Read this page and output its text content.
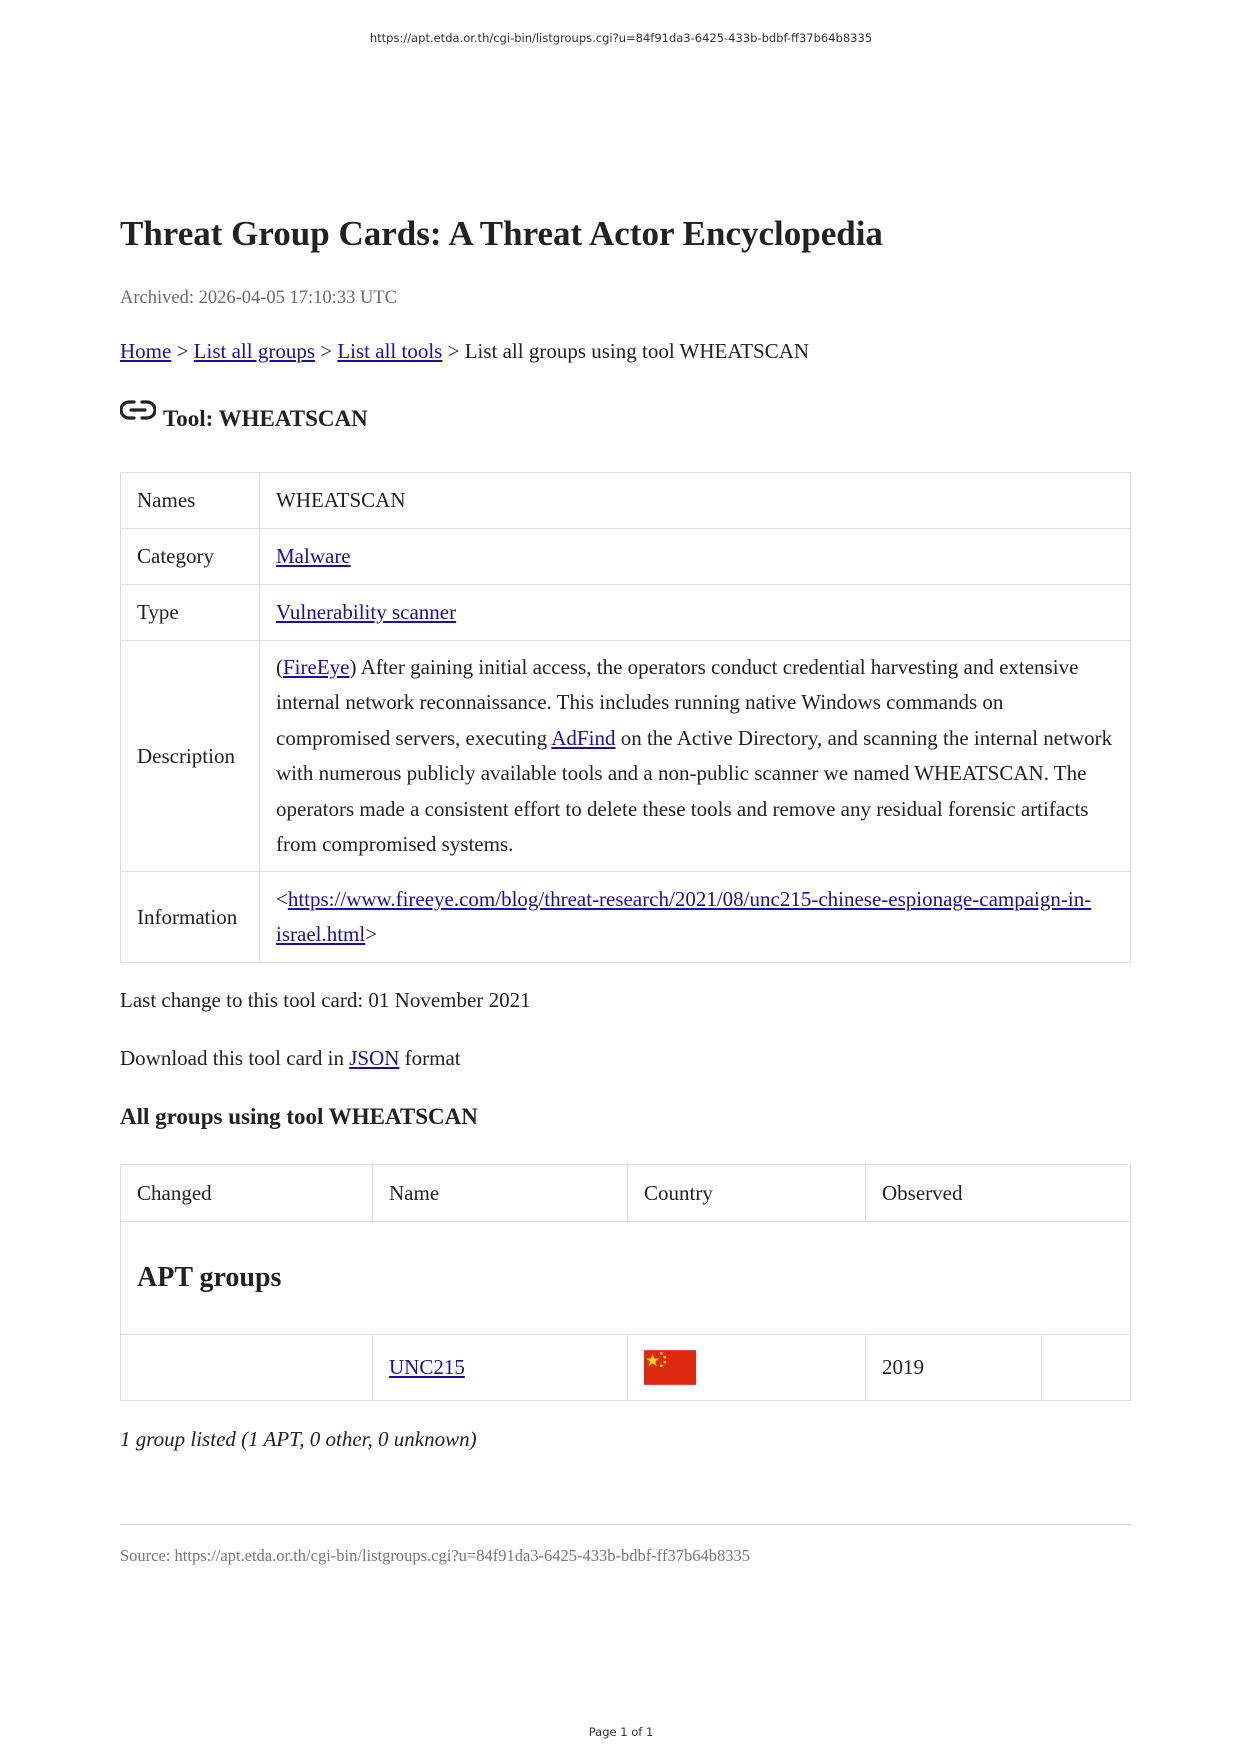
https://apt.etda.or.th/cgi-bin/listgroups.cgi?u=84f91da3-6425-433b-bdbf-ff37b64b8335
Threat Group Cards: A Threat Actor Encyclopedia
Archived: 2026-04-05 17:10:33 UTC
Home > List all groups > List all tools > List all groups using tool WHEATSCAN
Tool: WHEATSCAN
Names	WHEATSCAN
Category	Malware
Type	Vulnerability scanner
Description	(FireEye) After gaining initial access, the operators conduct credential harvesting and extensive internal network reconnaissance. This includes running native Windows commands on compromised servers, executing AdFind on the Active Directory, and scanning the internal network with numerous publicly available tools and a non-public scanner we named WHEATSCAN. The operators made a consistent effort to delete these tools and remove any residual forensic artifacts from compromised systems.
Information	<https://www.fireeye.com/blog/threat-research/2021/08/unc215-chinese-espionage-campaign-in-israel.html>
Last change to this tool card: 01 November 2021
Download this tool card in JSON format
All groups using tool WHEATSCAN
Changed	Name	Country	Observed	
APT groups				
	UNC215		2019	
1 group listed (1 APT, 0 other, 0 unknown)
Source: https://apt.etda.or.th/cgi-bin/listgroups.cgi?u=84f91da3-6425-433b-bdbf-ff37b64b8335
Page 1 of 1
